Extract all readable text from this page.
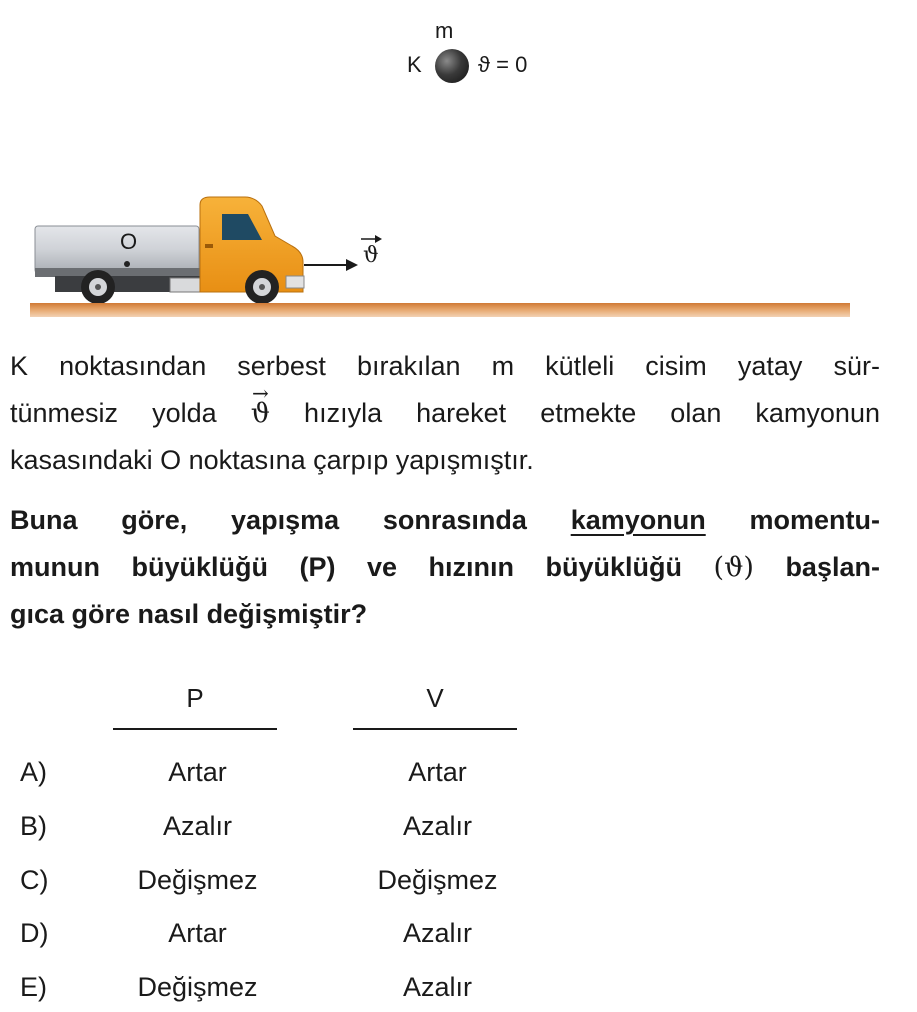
m
K	ϑ = 0
O
ϑ
K noktasından serbest bırakılan m kütleli cisim yatay sür-
tünmesiz yolda → ϑ hızıyla hareket etmekte olan kamyonun
kasasındaki O noktasına çarpıp yapışmıştır.
Buna göre, yapışma sonrasında kamyonun momentu-
munun büyüklüğü (P) ve hızının büyüklüğü (ϑ) başlan-
gıca göre nasıl değişmiştir?
P	V
A)	Artar	Artar
B)	Azalır	Azalır
C)	Değişmez	Değişmez
D)	Artar	Azalır
E)	Değişmez	Azalır
